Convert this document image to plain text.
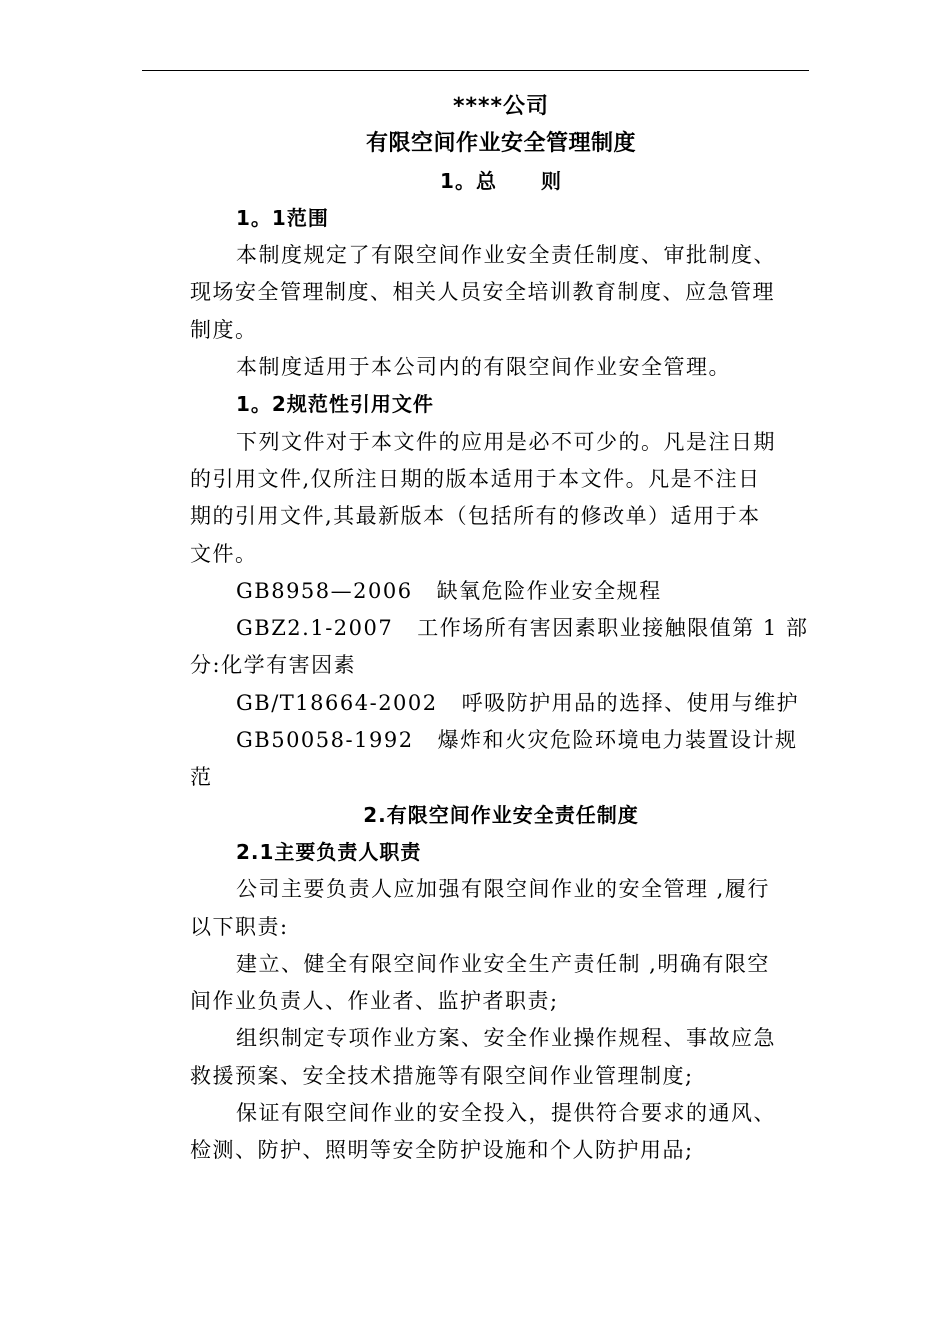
****公司
有限空间作业安全管理制度
1。总 则
1。1范围
本制度规定了有限空间作业安全责任制度、审批制度、
现场安全管理制度、相关人员安全培训教育制度、应急管理
制度。
本制度适用于本公司内的有限空间作业安全管理。
1。2规范性引用文件
下列文件对于本文件的应用是必不可少的。凡是注日期
的引用文件,仅所注日期的版本适用于本文件。凡是不注日
期的引用文件,其最新版本（包括所有的修改单）适用于本
文件。
GB8958—2006 缺氧危险作业安全规程
GBZ2.1-2007 工作场所有害因素职业接触限值第 1 部
分:化学有害因素
GB/T18664-2002 呼吸防护用品的选择、使用与维护
GB50058-1992 爆炸和火灾危险环境电力装置设计规
范
2.有限空间作业安全责任制度
2.1主要负责人职责
公司主要负责人应加强有限空间作业的安全管理 ,履行
以下职责:
建立、健全有限空间作业安全生产责任制 ,明确有限空
间作业负责人、作业者、监护者职责;
组织制定专项作业方案、安全作业操作规程、事故应急
救援预案、安全技术措施等有限空间作业管理制度;
保证有限空间作业的安全投入，提供符合要求的通风、
检测、防护、照明等安全防护设施和个人防护用品;
